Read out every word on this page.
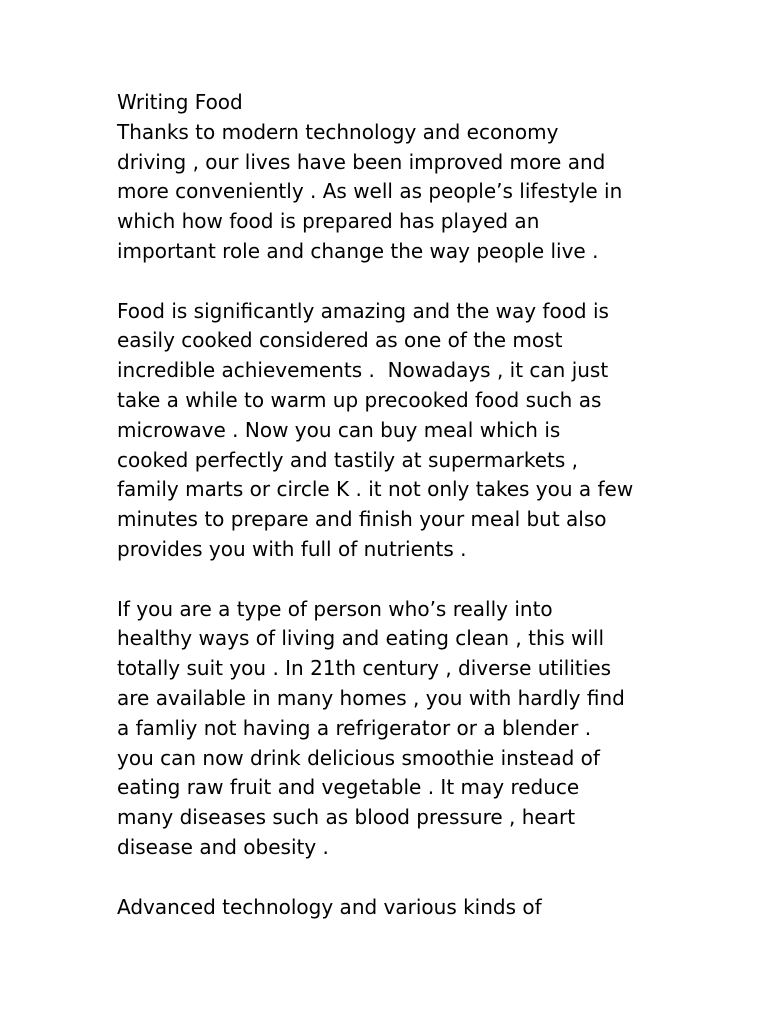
Writing Food
Thanks to modern technology and economy
driving , our lives have been improved more and
more conveniently . As well as people’s lifestyle in
which how food is prepared has played an
important role and change the way people live .
Food is significantly amazing and the way food is
easily cooked considered as one of the most
incredible achievements .  Nowadays , it can just
take a while to warm up precooked food such as
microwave . Now you can buy meal which is
cooked perfectly and tastily at supermarkets ,
family marts or circle K . it not only takes you a few
minutes to prepare and finish your meal but also
provides you with full of nutrients .
If you are a type of person who’s really into
healthy ways of living and eating clean , this will
totally suit you . In 21th century , diverse utilities
are available in many homes , you with hardly find
a famliy not having a refrigerator or a blender .
you can now drink delicious smoothie instead of
eating raw fruit and vegetable . It may reduce
many diseases such as blood pressure , heart
disease and obesity .
Advanced technology and various kinds of
